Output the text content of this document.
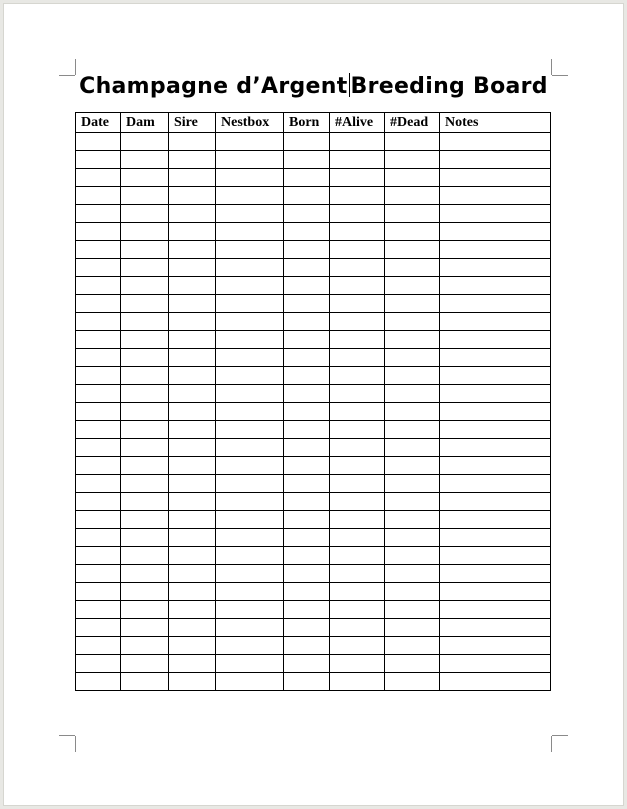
Champagne d’Argent Breeding Board
Date	Dam	Sire	Nestbox	Born	#Alive	#Dead	Notes
